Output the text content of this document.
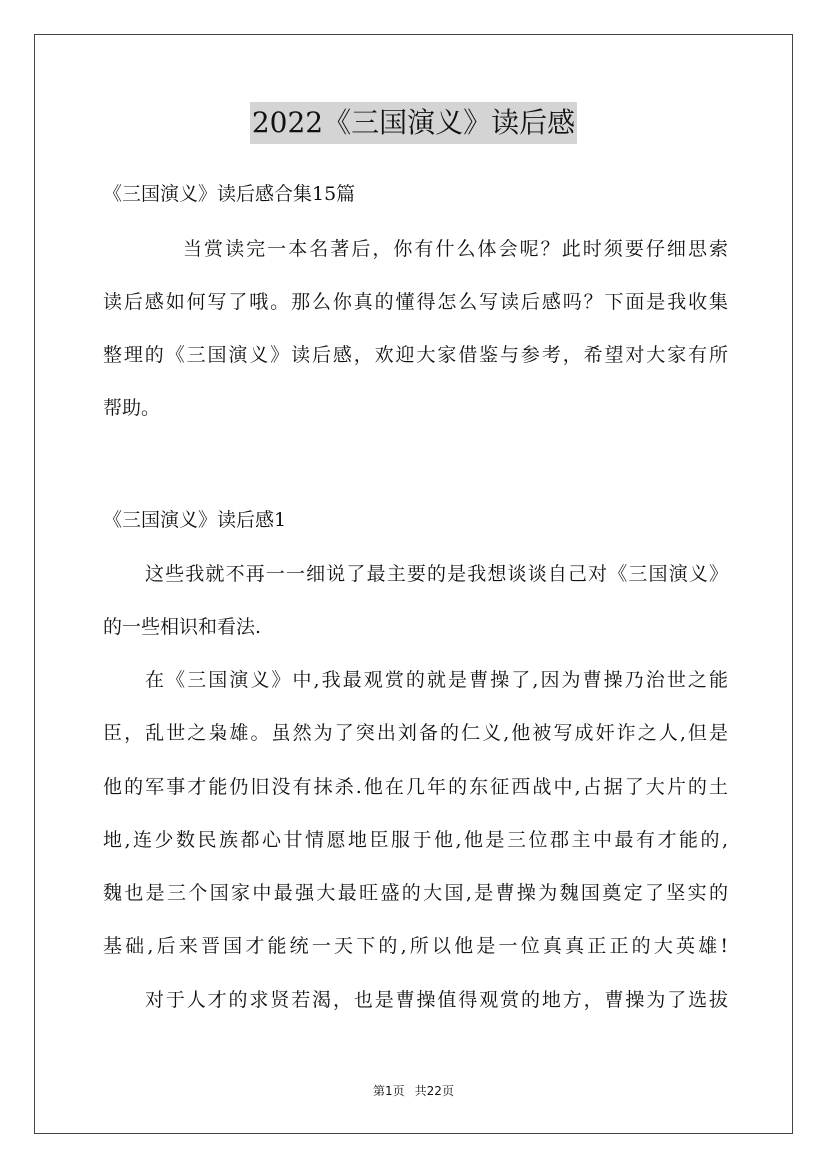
2022《三国演义》读后感
《三国演义》读后感合集15篇
当赏读完一本名著后，你有什么体会呢？此时须要仔细思索
读后感如何写了哦。那么你真的懂得怎么写读后感吗？下面是我收集
整理的《三国演义》读后感，欢迎大家借鉴与参考，希望对大家有所
帮助。
《三国演义》读后感1
这些我就不再一一细说了最主要的是我想谈谈自己对《三国演义》
的一些相识和看法.
在《三国演义》中,我最观赏的就是曹操了,因为曹操乃治世之能
臣，乱世之枭雄。虽然为了突出刘备的仁义,他被写成奸诈之人,但是
他的军事才能仍旧没有抹杀.他在几年的东征西战中,占据了大片的土
地,连少数民族都心甘情愿地臣服于他,他是三位郡主中最有才能的,
魏也是三个国家中最强大最旺盛的大国,是曹操为魏国奠定了坚实的
基础,后来晋国才能统一天下的,所以他是一位真真正正的大英雄!
对于人才的求贤若渴，也是曹操值得观赏的地方，曹操为了选拔
第1页 共22页
